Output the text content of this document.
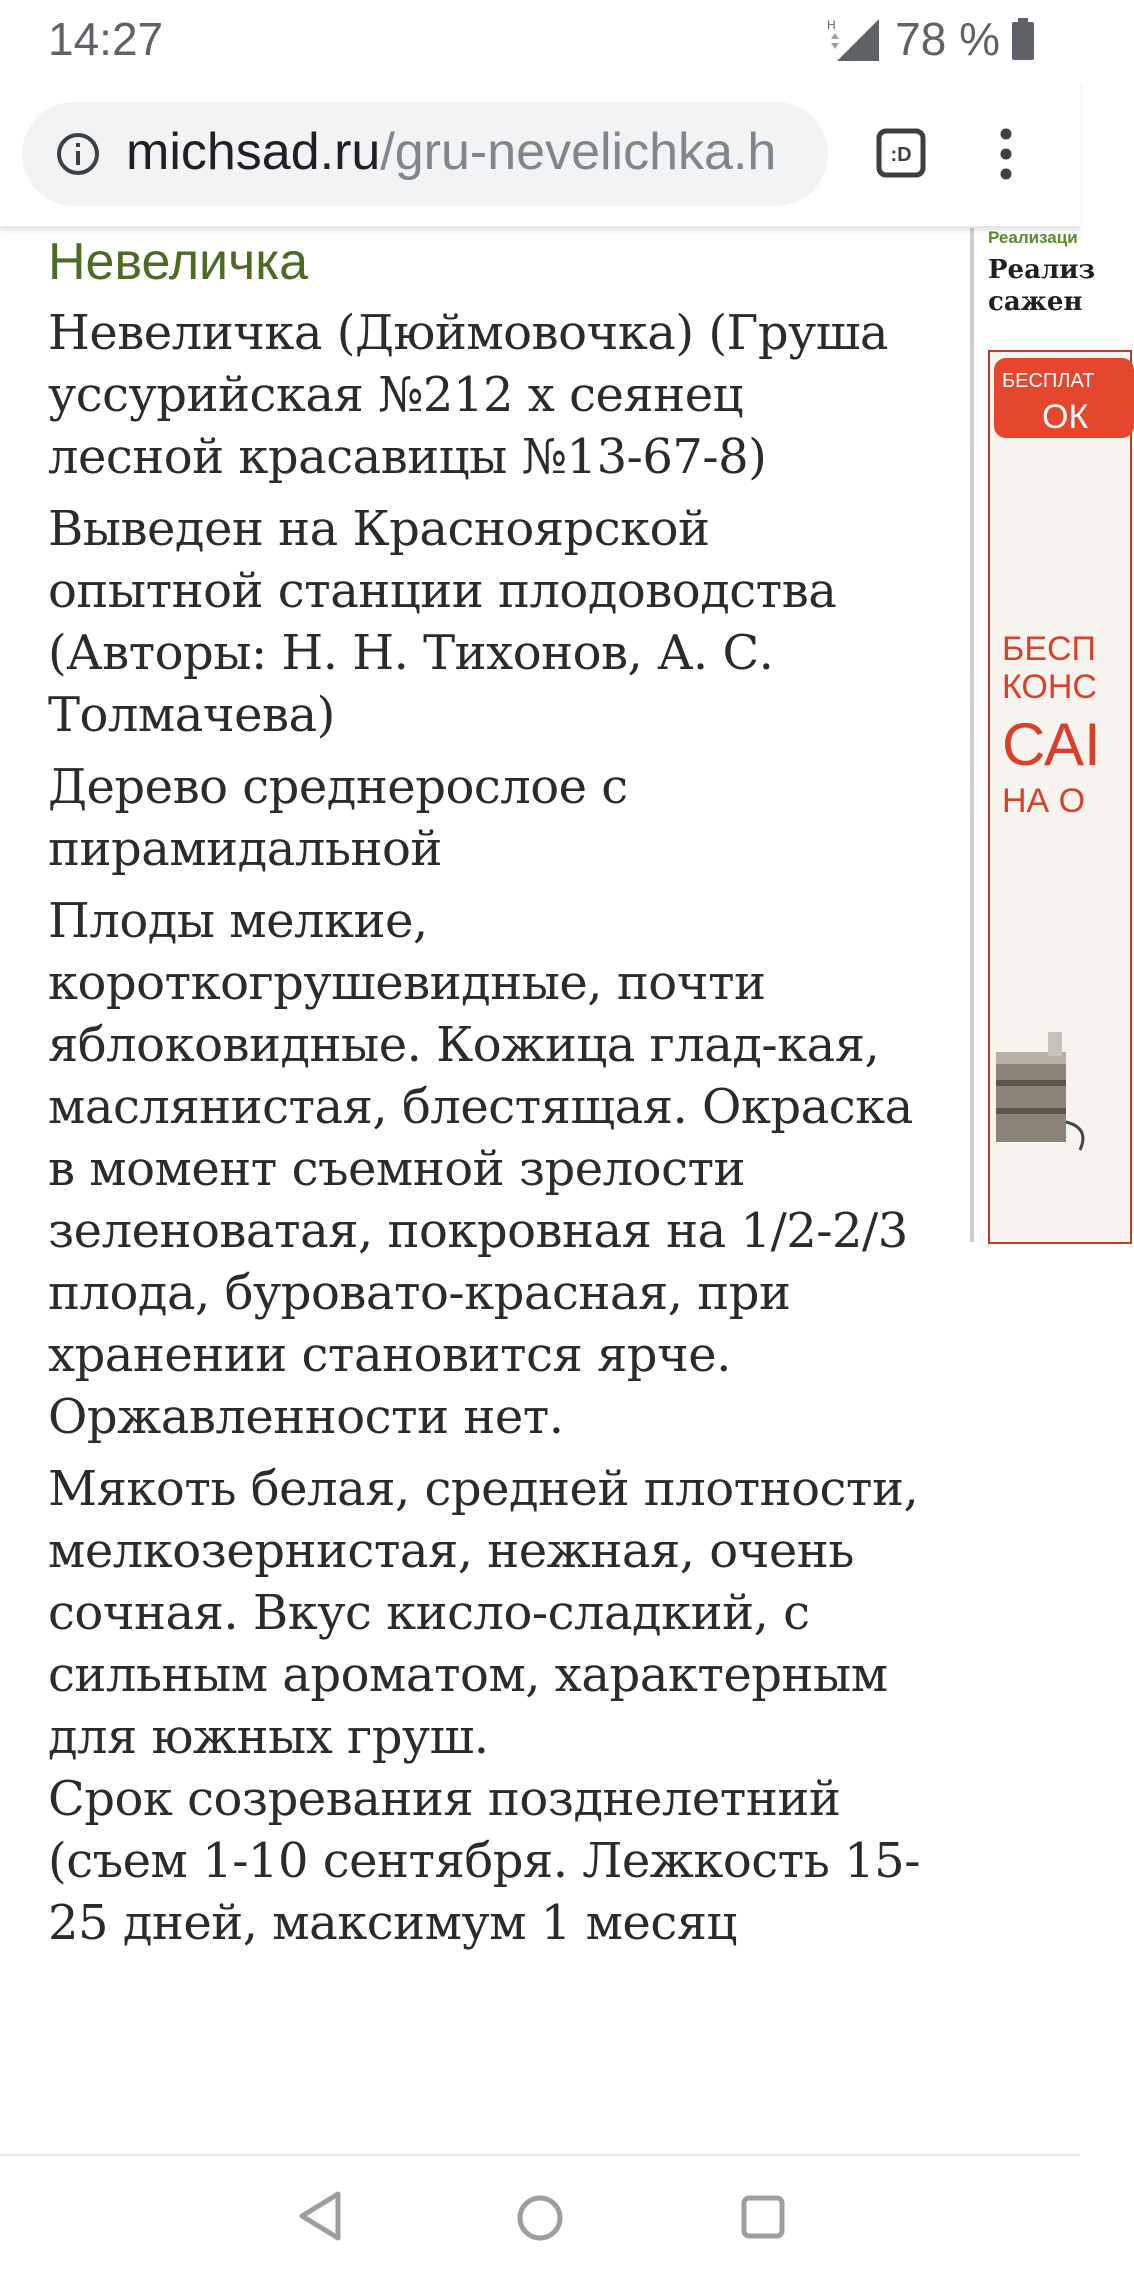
14:27	H 78 %
michsad.ru/gru-nevelichka.h	:D
Невеличка

Невеличка (Дюймовочка) (Груша уссурийская №212 х сеянец лесной красавицы №13-67-8)

Выведен на Красноярской опытной станции плодоводства (Авторы: Н. Н. Тихонов, А. С. Толмачева)

Дерево среднерослое с пирамидальной

Плоды мелкие, короткогрушевидные, почти яблоковидные. Кожица глад-кая, маслянистая, блестящая. Окраска в момент съемной зрелости зеленоватая, покровная на 1/2-2/3 плода, буровато-красная, при хранении становится ярче. Оржавленности нет.

Мякоть белая, средней плотности, мелкозернистая, нежная, очень сочная. Вкус кисло-сладкий, с сильным ароматом, характерным для южных груш.

Срок созревания позднелетний (съем 1-10 сентября. Лежкость 15-25 дней, максимум 1 месяц

Реализаци
Реализ
сажен
БЕСПЛАТ
ОК
БЕСП
КОНС
САІ
НА О
